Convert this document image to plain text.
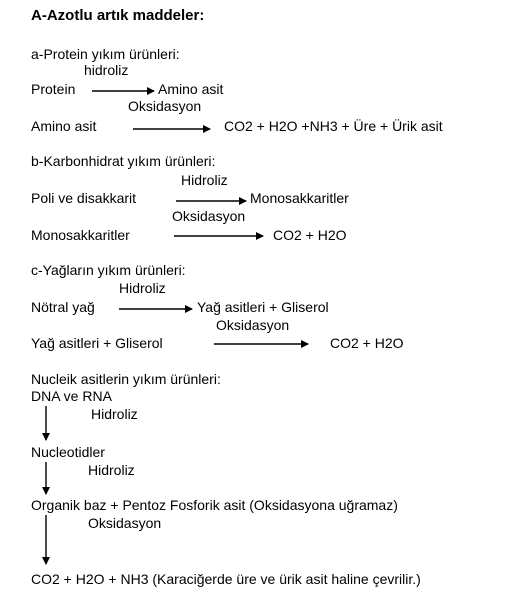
A-Azotlu artık maddeler:
a-Protein yıkım ürünleri:
hidroliz
Protein	Amino asit
Oksidasyon
Amino asit	CO2 + H2O +NH3 + Üre + Ürik asit
b-Karbonhidrat yıkım ürünleri:
Hidroliz
Poli ve disakkarit	Monosakkaritler
Oksidasyon
Monosakkaritler	CO2 + H2O
c-Yağların yıkım ürünleri:
Hidroliz
Nötral yağ	Yağ asitleri + Gliserol
Oksidasyon
Yağ asitleri + Gliserol	CO2 + H2O
Nucleik asitlerin yıkım ürünleri:
DNA ve RNA
Hidroliz
Nucleotidler
Hidroliz
Organik baz + Pentoz Fosforik asit (Oksidasyona uğramaz)
Oksidasyon
CO2 + H2O + NH3 (Karaciğerde üre ve ürik asit haline çevrilir.)
